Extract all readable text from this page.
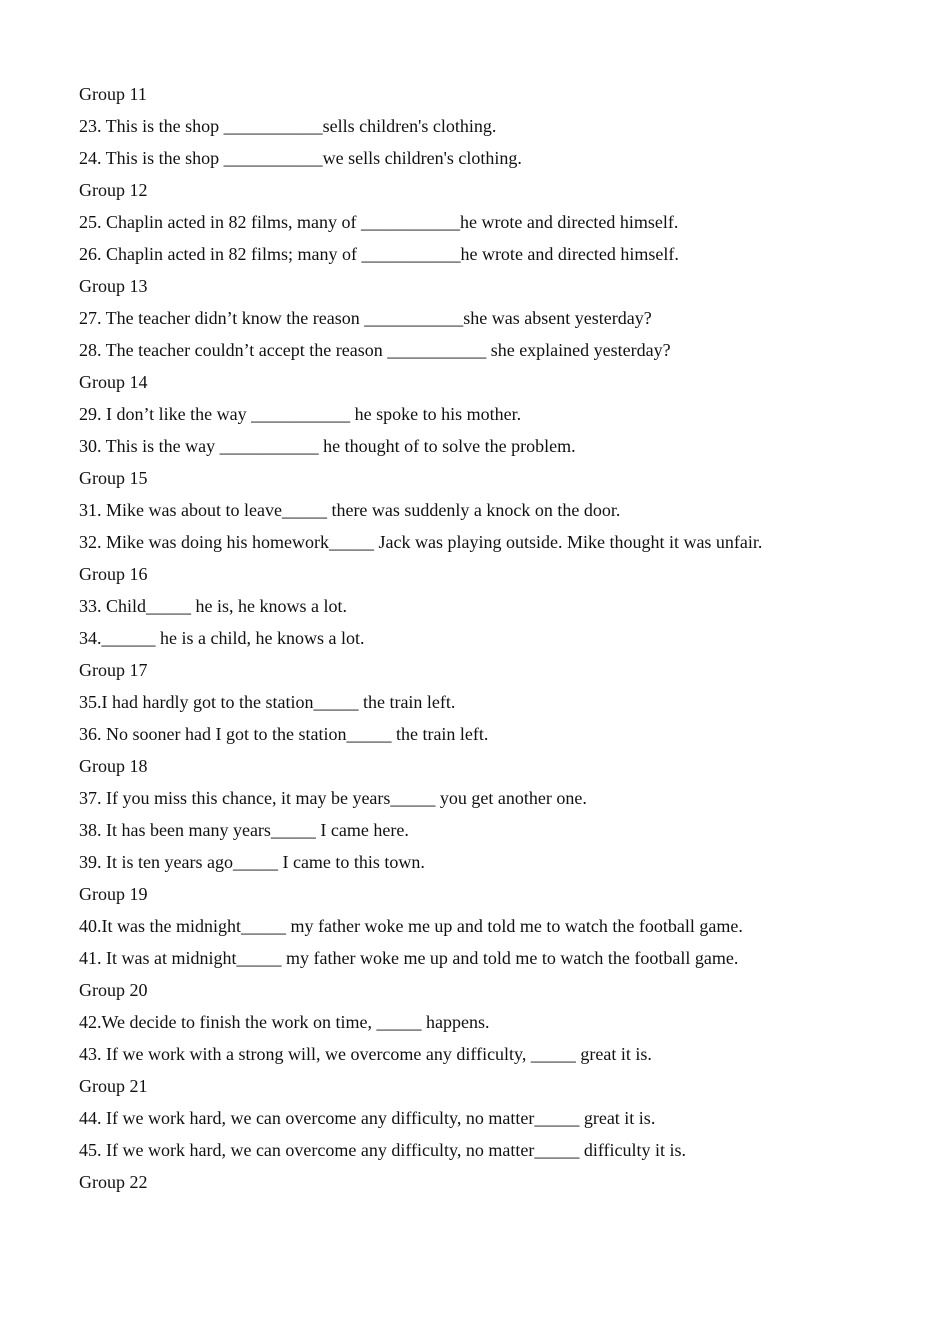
Group 11
23. This is the shop ___________sells children's clothing.
24. This is the shop ___________we sells children's clothing.
Group 12
25. Chaplin acted in 82 films, many of ___________he wrote and directed himself.
26. Chaplin acted in 82 films; many of ___________he wrote and directed himself.
Group 13
27. The teacher didn’t know the reason ___________she was absent yesterday?
28. The teacher couldn’t accept the reason ___________ she explained yesterday?
Group 14
29. I don’t like the way ___________ he spoke to his mother.
30. This is the way ___________ he thought of to solve the problem.
Group 15
31. Mike was about to leave_____ there was suddenly a knock on the door.
32. Mike was doing his homework_____ Jack was playing outside. Mike thought it was unfair.
Group 16
33. Child_____ he is, he knows a lot.
34.______ he is a child, he knows a lot.
Group 17
35.I had hardly got to the station_____ the train left.
36. No sooner had I got to the station_____ the train left.
Group 18
37. If you miss this chance, it may be years_____ you get another one.
38. It has been many years_____ I came here.
39. It is ten years ago_____ I came to this town.
Group 19
40.It was the midnight_____ my father woke me up and told me to watch the football game.
41. It was at midnight_____ my father woke me up and told me to watch the football game.
Group 20
42.We decide to finish the work on time, _____ happens.
43. If we work with a strong will, we overcome any difficulty, _____ great it is.
Group 21
44. If we work hard, we can overcome any difficulty, no matter_____ great it is.
45. If we work hard, we can overcome any difficulty, no matter_____ difficulty it is.
Group 22
